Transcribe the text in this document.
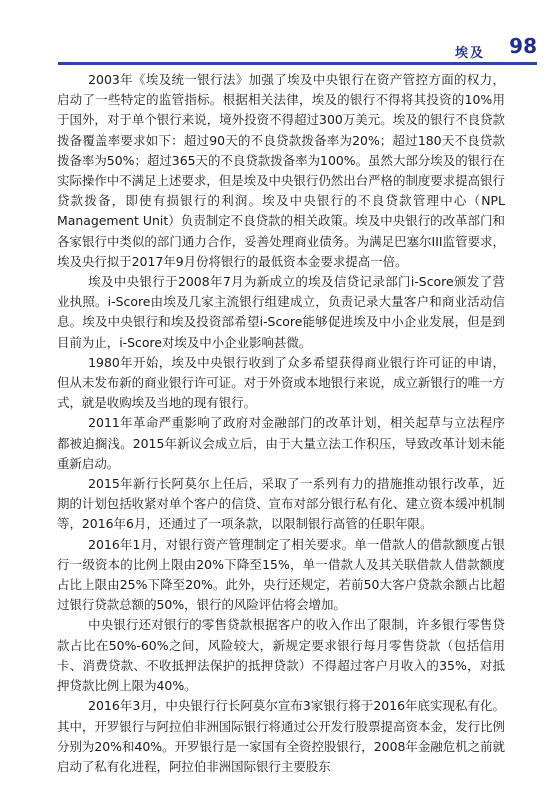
埃及 98

2003年《埃及统一银行法》加强了埃及中央银行在资产管控方面的权力，启动了一些特定的监管指标。根据相关法律，埃及的银行不得将其投资的10%用于国外，对于单个银行来说，境外投资不得超过300万美元。埃及的银行不良贷款拨备覆盖率要求如下：超过90天的不良贷款拨备率为20%；超过180天不良贷款拨备率为50%；超过365天的不良贷款拨备率为100%。虽然大部分埃及的银行在实际操作中不满足上述要求，但是埃及中央银行仍然出台严格的制度要求提高银行贷款拨备，即使有损银行的利润。埃及中央银行的不良贷款管理中心（NPL Management Unit）负责制定不良贷款的相关政策。埃及中央银行的改革部门和各家银行中类似的部门通力合作，妥善处理商业债务。为满足巴塞尔III监管要求，埃及央行拟于2017年9月份将银行的最低资本金要求提高一倍。

埃及中央银行于2008年7月为新成立的埃及信贷记录部门i-Score颁发了营业执照。i-Score由埃及几家主流银行组建成立，负责记录大量客户和商业活动信息。埃及中央银行和埃及投资部希望i-Score能够促进埃及中小企业发展，但是到目前为止，i-Score对埃及中小企业影响甚微。

1980年开始，埃及中央银行收到了众多希望获得商业银行许可证的申请，但从未发布新的商业银行许可证。对于外资或本地银行来说，成立新银行的唯一方式，就是收购埃及当地的现有银行。

2011年革命严重影响了政府对金融部门的改革计划，相关起草与立法程序都被迫搁浅。2015年新议会成立后，由于大量立法工作积压，导致改革计划未能重新启动。

2015年新行长阿莫尔上任后，采取了一系列有力的措施推动银行改革，近期的计划包括收紧对单个客户的信贷、宣布对部分银行私有化、建立资本缓冲机制等，2016年6月，还通过了一项条款，以限制银行高管的任职年限。

2016年1月，对银行资产管理制定了相关要求。单一借款人的借款额度占银行一级资本的比例上限由20%下降至15%，单一借款人及其关联借款人借款额度占比上限由25%下降至20%。此外，央行还规定，若前50大客户贷款余额占比超过银行贷款总额的50%，银行的风险评估将会增加。

中央银行还对银行的零售贷款根据客户的收入作出了限制，许多银行零售贷款占比在50%-60%之间，风险较大，新规定要求银行每月零售贷款（包括信用卡、消费贷款、不收抵押法保护的抵押贷款）不得超过客户月收入的35%，对抵押贷款比例上限为40%。

2016年3月，中央银行行长阿莫尔宣布3家银行将于2016年底实现私有化。其中，开罗银行与阿拉伯非洲国际银行将通过公开发行股票提高资本金，发行比例分别为20%和40%。开罗银行是一家国有全资控股银行，2008年金融危机之前就启动了私有化进程，阿拉伯非洲国际银行主要股东
